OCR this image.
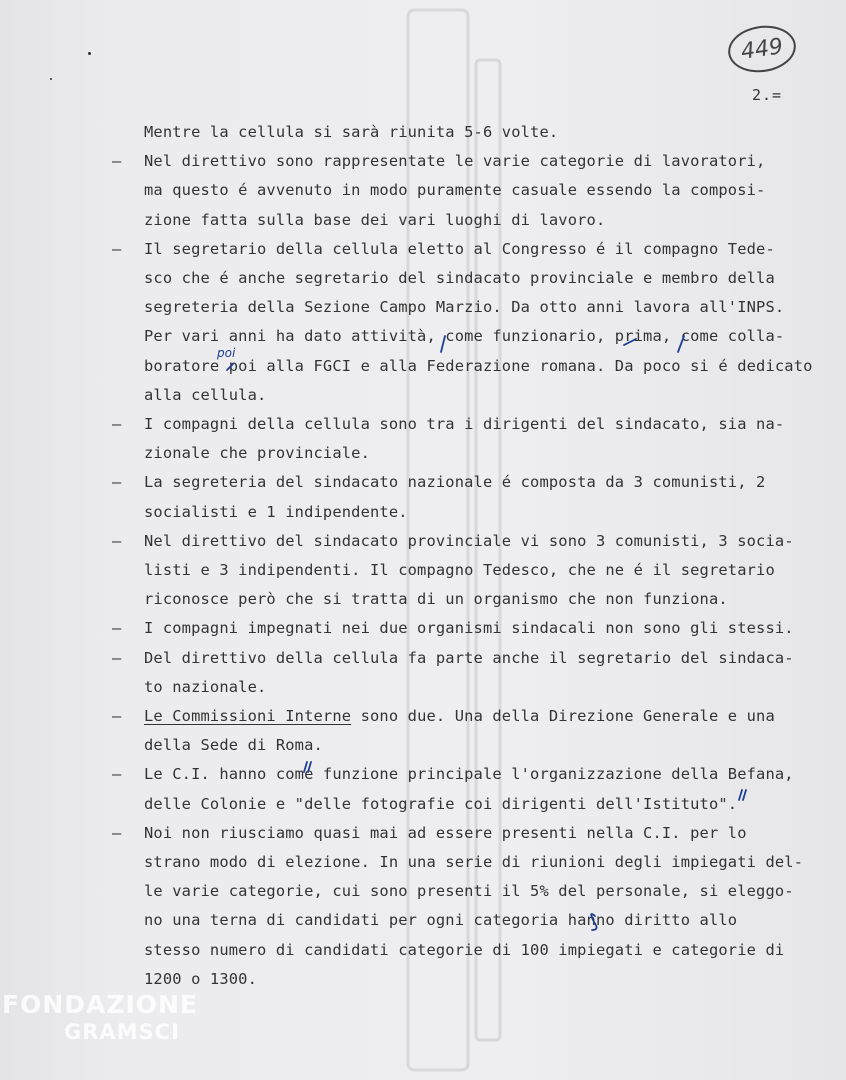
449
2.=
Mentre la cellula si sarà riunita 5-6 volte.
–	Nel direttivo sono rappresentate le varie categorie di lavoratori,
ma questo é avvenuto in modo puramente casuale essendo la composi-
zione fatta sulla base dei vari luoghi di lavoro.
–	Il segretario della cellula eletto al Congresso é il compagno Tede-
sco che é anche segretario del sindacato provinciale e membro della
segreteria della Sezione Campo Marzio. Da otto anni lavora all'INPS.
Per vari anni ha dato attività, come funzionario, prima, come colla-
boratore poi alla FGCI e alla Federazione romana. Da poco si é dedicato
alla cellula.
–	I compagni della cellula sono tra i dirigenti del sindacato, sia na-
zionale che provinciale.
–	La segreteria del sindacato nazionale é composta da 3 comunisti, 2
socialisti e 1 indipendente.
–	Nel direttivo del sindacato provinciale vi sono 3 comunisti, 3 socia-
listi e 3 indipendenti. Il compagno Tedesco, che ne é il segretario
riconosce però che si tratta di un organismo che non funziona.
–	I compagni impegnati nei due organismi sindacali non sono gli stessi.
–	Del direttivo della cellula fa parte anche il segretario del sindaca-
to nazionale.
–	Le Commissioni Interne sono due. Una della Direzione Generale e una
della Sede di Roma.
–	Le C.I. hanno come funzione principale l'organizzazione della Befana,
delle Colonie e "delle fotografie coi dirigenti dell'Istituto".
–	Noi non riusciamo quasi mai ad essere presenti nella C.I. per lo
strano modo di elezione. In una serie di riunioni degli impiegati del-
le varie categorie, cui sono presenti il 5% del personale, si eleggo-
no una terna di candidati per ogni categoria hanno diritto allo
stesso numero di candidati categorie di 100 impiegati e categorie di
1200 o 1300.
poi
FONDAZIONE
GRAMSCI
